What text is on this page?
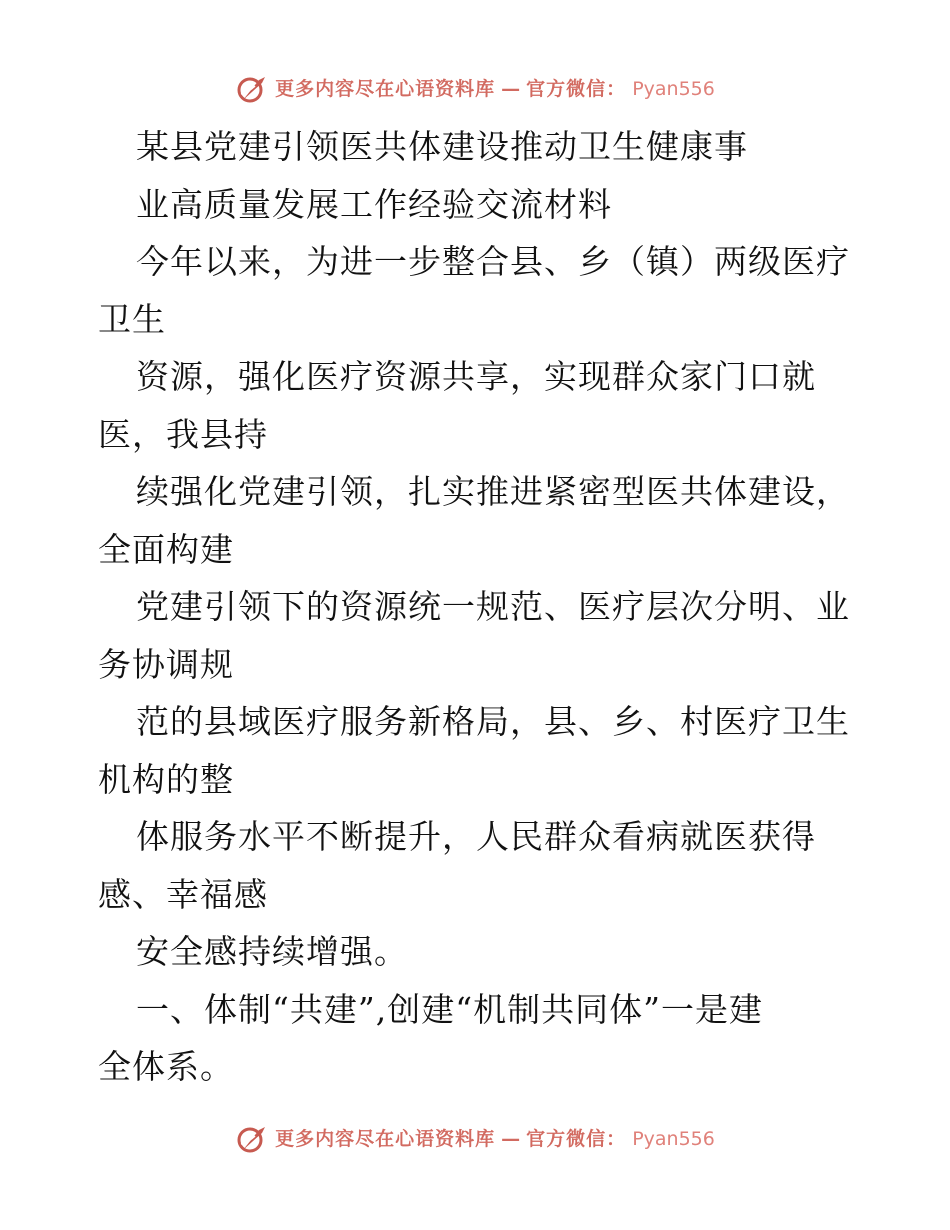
更多内容尽在心语资料库 — 官方微信： Pyan556
某县党建引领医共体建设推动卫生健康事
业高质量发展工作经验交流材料
今年以来，为进一步整合县、乡（镇）两级医疗
卫生
资源，强化医疗资源共享，实现群众家门口就
医，我县持
续强化党建引领，扎实推进紧密型医共体建设，
全面构建
党建引领下的资源统一规范、医疗层次分明、业
务协调规
范的县域医疗服务新格局，县、乡、村医疗卫生
机构的整
体服务水平不断提升，人民群众看病就医获得
感、幸福感
安全感持续增强。
一、体制“共建”,创建“机制共同体”一是建
全体系。
更多内容尽在心语资料库 — 官方微信： Pyan556
